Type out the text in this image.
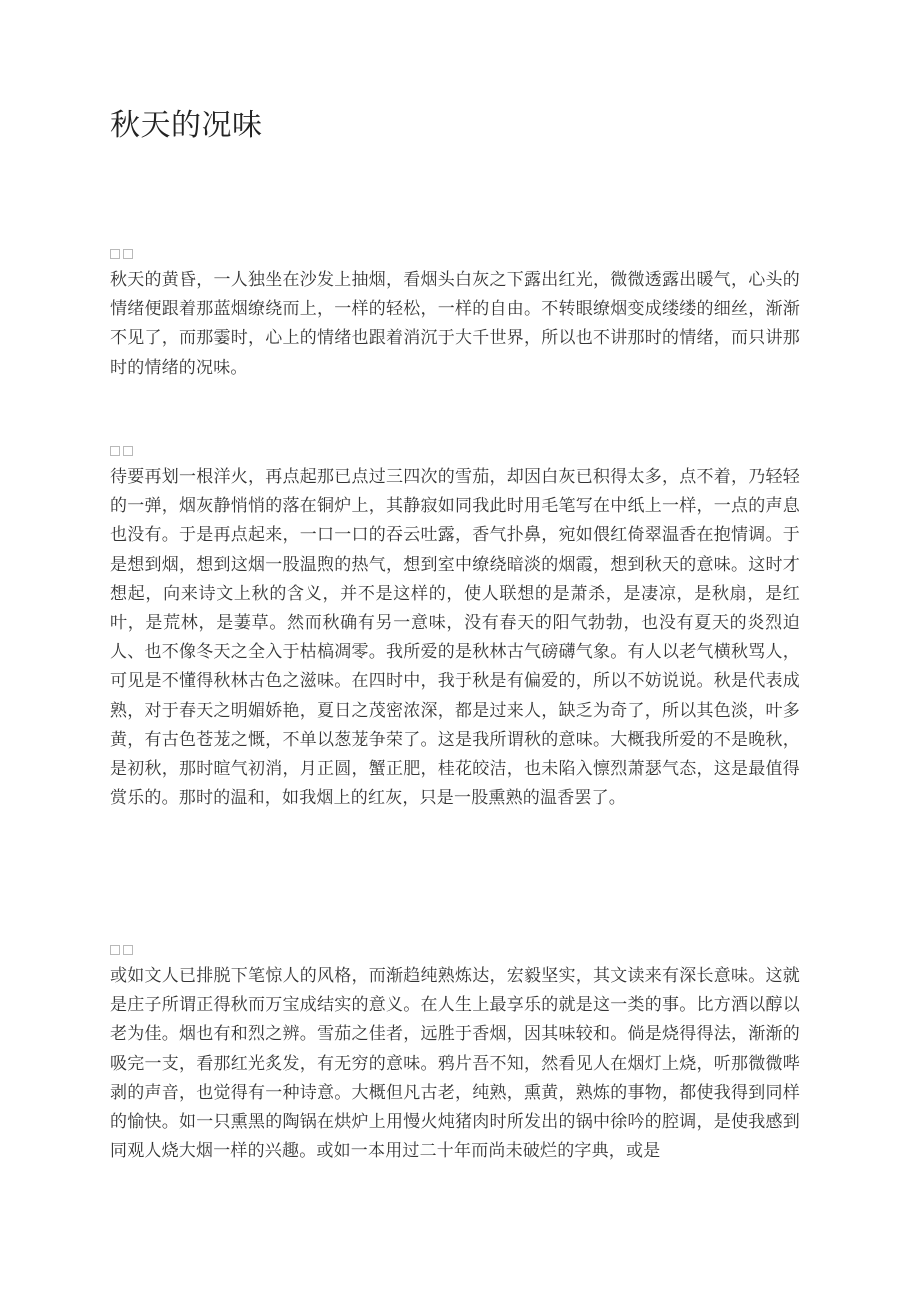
秋天的况味

秋天的黄昏，一人独坐在沙发上抽烟，看烟头白灰之下露出红光，微微透露出暖气，心头的情绪便跟着那蓝烟缭绕而上，一样的轻松，一样的自由。不转眼缭烟变成缕缕的细丝，渐渐不见了，而那霎时，心上的情绪也跟着消沉于大千世界，所以也不讲那时的情绪，而只讲那时的情绪的况味。

待要再划一根洋火，再点起那已点过三四次的雪茄，却因白灰已积得太多，点不着，乃轻轻的一弹，烟灰静悄悄的落在铜炉上，其静寂如同我此时用毛笔写在中纸上一样，一点的声息也没有。于是再点起来，一口一口的吞云吐露，香气扑鼻，宛如偎红倚翠温香在抱情调。于是想到烟，想到这烟一股温煦的热气，想到室中缭绕暗淡的烟霞，想到秋天的意味。这时才想起，向来诗文上秋的含义，并不是这样的，使人联想的是萧杀，是凄凉，是秋扇，是红叶，是荒林，是萋草。然而秋确有另一意味，没有春天的阳气勃勃，也没有夏天的炎烈迫人、也不像冬天之全入于枯槁凋零。我所爱的是秋林古气磅礴气象。有人以老气横秋骂人，可见是不懂得秋林古色之滋味。在四时中，我于秋是有偏爱的，所以不妨说说。秋是代表成熟，对于春天之明媚娇艳，夏日之茂密浓深，都是过来人，缺乏为奇了，所以其色淡，叶多黄，有古色苍茏之慨，不单以葱茏争荣了。这是我所谓秋的意味。大概我所爱的不是晚秋，是初秋，那时暄气初消，月正圆，蟹正肥，桂花皎洁，也未陷入懔烈萧瑟气态，这是最值得赏乐的。那时的温和，如我烟上的红灰，只是一股熏熟的温香罢了。

或如文人已排脱下笔惊人的风格，而渐趋纯熟炼达，宏毅坚实，其文读来有深长意味。这就是庄子所谓正得秋而万宝成结实的意义。在人生上最享乐的就是这一类的事。比方酒以醇以老为佳。烟也有和烈之辨。雪茄之佳者，远胜于香烟，因其味较和。倘是烧得得法，渐渐的吸完一支，看那红光炙发，有无穷的意味。鸦片吾不知，然看见人在烟灯上烧，听那微微哔剥的声音，也觉得有一种诗意。大概但凡古老，纯熟，熏黄，熟炼的事物，都使我得到同样的愉快。如一只熏黑的陶锅在烘炉上用慢火炖猪肉时所发出的锅中徐吟的腔调，是使我感到同观人烧大烟一样的兴趣。或如一本用过二十年而尚未破烂的字典，或是
